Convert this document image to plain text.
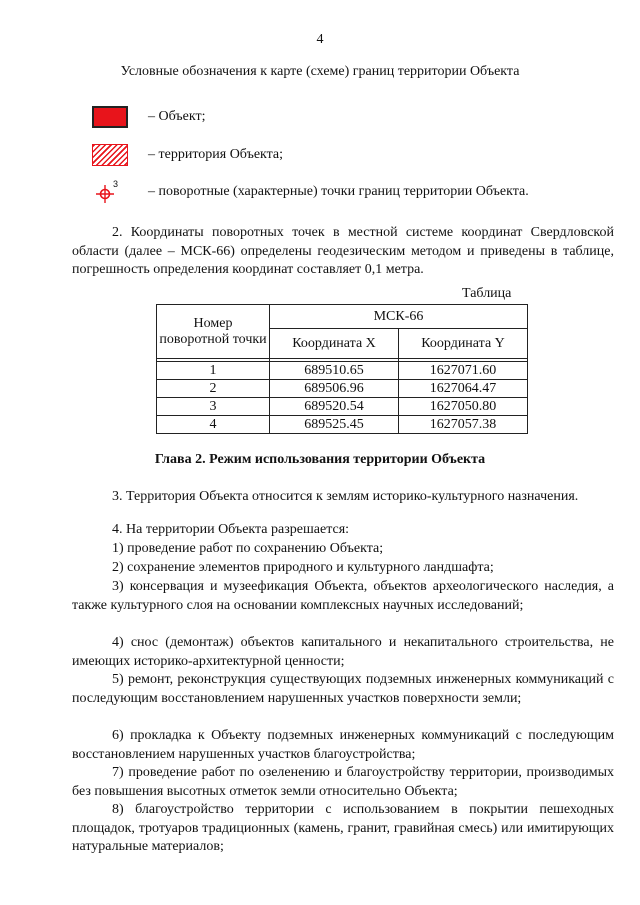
4
Условные обозначения к карте (схеме) границ территории Объекта
– Объект;
– территория Объекта;
3 – поворотные (характерные) точки границ территории Объекта.
2. Координаты поворотных точек в местной системе координат Свердловской области (далее – МСК-66) определены геодезическим методом и приведены в таблице, погрешность определения координат составляет 0,1 метра.
Таблица
Номер поворотной точки	МСК-66	
	Координата X	Координата Y

1	689510.65	1627071.60
2	689506.96	1627064.47
3	689520.54	1627050.80
4	689525.45	1627057.38
Глава 2. Режим использования территории Объекта
3. Территория Объекта относится к землям историко-культурного назначения.
4. На территории Объекта разрешается:
1) проведение работ по сохранению Объекта;
2) сохранение элементов природного и культурного ландшафта;
3) консервация и музеефикация Объекта, объектов археологического наследия, а также культурного слоя на основании комплексных научных исследований;
4) снос (демонтаж) объектов капитального и некапитального строительства, не имеющих историко-архитектурной ценности;
5) ремонт, реконструкция существующих подземных инженерных коммуникаций с последующим восстановлением нарушенных участков поверхности земли;
6) прокладка к Объекту подземных инженерных коммуникаций с последующим восстановлением нарушенных участков благоустройства;
7) проведение работ по озеленению и благоустройству территории, производимых без повышения высотных отметок земли относительно Объекта;
8) благоустройство территории с использованием в покрытии пешеходных площадок, тротуаров традиционных (камень, гранит, гравийная смесь) или имитирующих натуральные материалов;
